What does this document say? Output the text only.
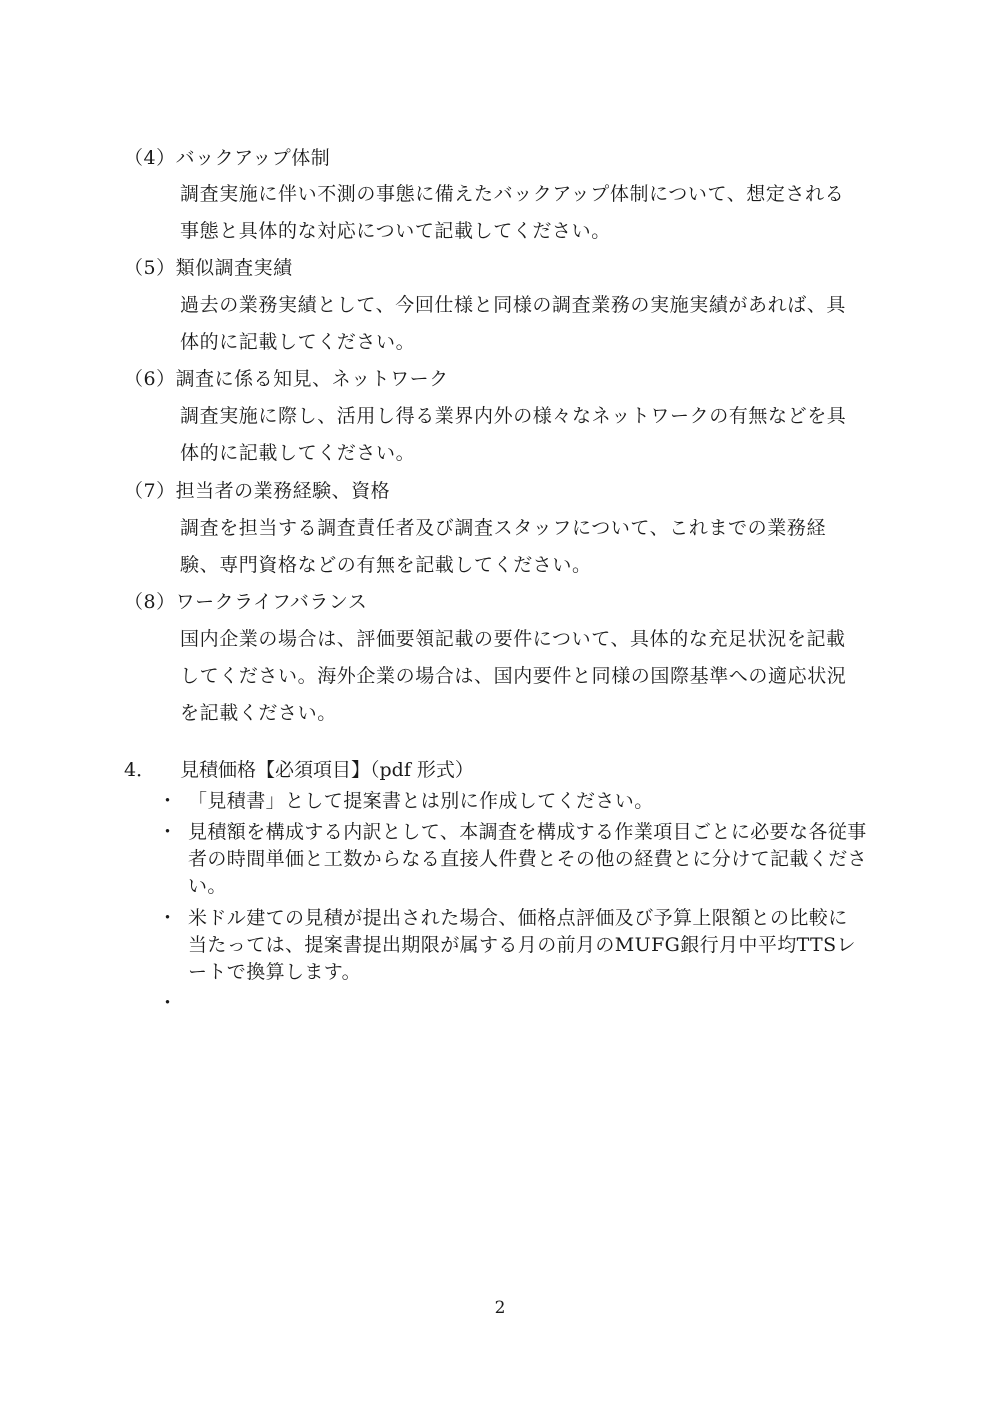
（4）バックアップ体制
調査実施に伴い不測の事態に備えたバックアップ体制について、想定される
事態と具体的な対応について記載してください。
（5）類似調査実績
過去の業務実績として、今回仕様と同様の調査業務の実施実績があれば、具
体的に記載してください。
（6）調査に係る知見、ネットワーク
調査実施に際し、活用し得る業界内外の様々なネットワークの有無などを具
体的に記載してください。
（7）担当者の業務経験、資格
調査を担当する調査責任者及び調査スタッフについて、これまでの業務経
験、専門資格などの有無を記載してください。
（8）ワークライフバランス
国内企業の場合は、評価要領記載の要件について、具体的な充足状況を記載
してください。海外企業の場合は、国内要件と同様の国際基準への適応状況
を記載ください。
4． 見積価格【必須項目】（pdf 形式）
・ 「見積書」として提案書とは別に作成してください。
・ 見積額を構成する内訳として、本調査を構成する作業項目ごとに必要な各従事
者の時間単価と工数からなる直接人件費とその他の経費とに分けて記載くださ
い。
・ 米ドル建ての見積が提出された場合、価格点評価及び予算上限額との比較に
当たっては、提案書提出期限が属する月の前月のMUFG銀行月中平均TTSレ
ートで換算します。
・
2
